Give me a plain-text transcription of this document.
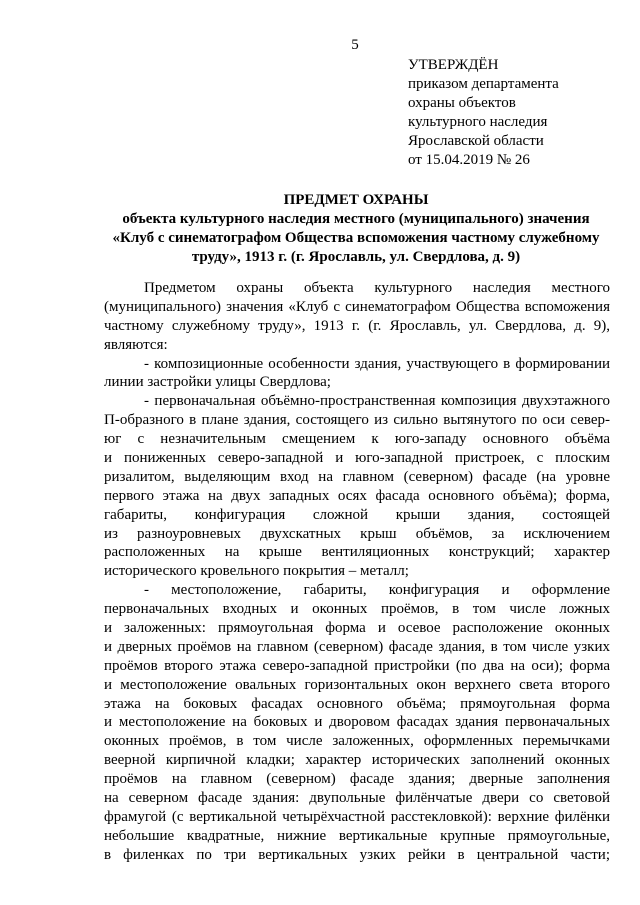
5
УТВЕРЖДЁН
приказом департамента
охраны объектов
культурного наследия
Ярославской области
от 15.04.2019 № 26
ПРЕДМЕТ ОХРАНЫ
объекта культурного наследия местного (муниципального) значения
«Клуб с синематографом Общества вспоможения частному служебному
труду», 1913 г. (г. Ярославль, ул. Свердлова, д. 9)
Предметом охраны объекта культурного наследия местного
(муниципального) значения «Клуб с синематографом Общества вспоможения
частному служебному труду», 1913 г. (г. Ярославль, ул. Свердлова, д. 9),
являются:
- композиционные особенности здания, участвующего в формировании
линии застройки улицы Свердлова;
- первоначальная объёмно-пространственная композиция двухэтажного
П-образного в плане здания, состоящего из сильно вытянутого по оси север-
юг с незначительным смещением к юго-западу основного объёма
и пониженных северо-западной и юго-западной пристроек, с плоским
ризалитом, выделяющим вход на главном (северном) фасаде (на уровне
первого этажа на двух западных осях фасада основного объёма); форма,
габариты, конфигурация сложной крыши здания, состоящей
из разноуровневых двухскатных крыш объёмов, за исключением
расположенных на крыше вентиляционных конструкций; характер
исторического кровельного покрытия – металл;
- местоположение, габариты, конфигурация и оформление
первоначальных входных и оконных проёмов, в том числе ложных
и заложенных: прямоугольная форма и осевое расположение оконных
и дверных проёмов на главном (северном) фасаде здания, в том числе узких
проёмов второго этажа северо-западной пристройки (по два на оси); форма
и местоположение овальных горизонтальных окон верхнего света второго
этажа на боковых фасадах основного объёма; прямоугольная форма
и местоположение на боковых и дворовом фасадах здания первоначальных
оконных проёмов, в том числе заложенных, оформленных перемычками
веерной кирпичной кладки; характер исторических заполнений оконных
проёмов на главном (северном) фасаде здания; дверные заполнения
на северном фасаде здания: двупольные филёнчатые двери со световой
фрамугой (с вертикальной четырёхчастной расстекловкой): верхние филёнки
небольшие квадратные, нижние вертикальные крупные прямоугольные,
в филенках по три вертикальных узких рейки в центральной части;
